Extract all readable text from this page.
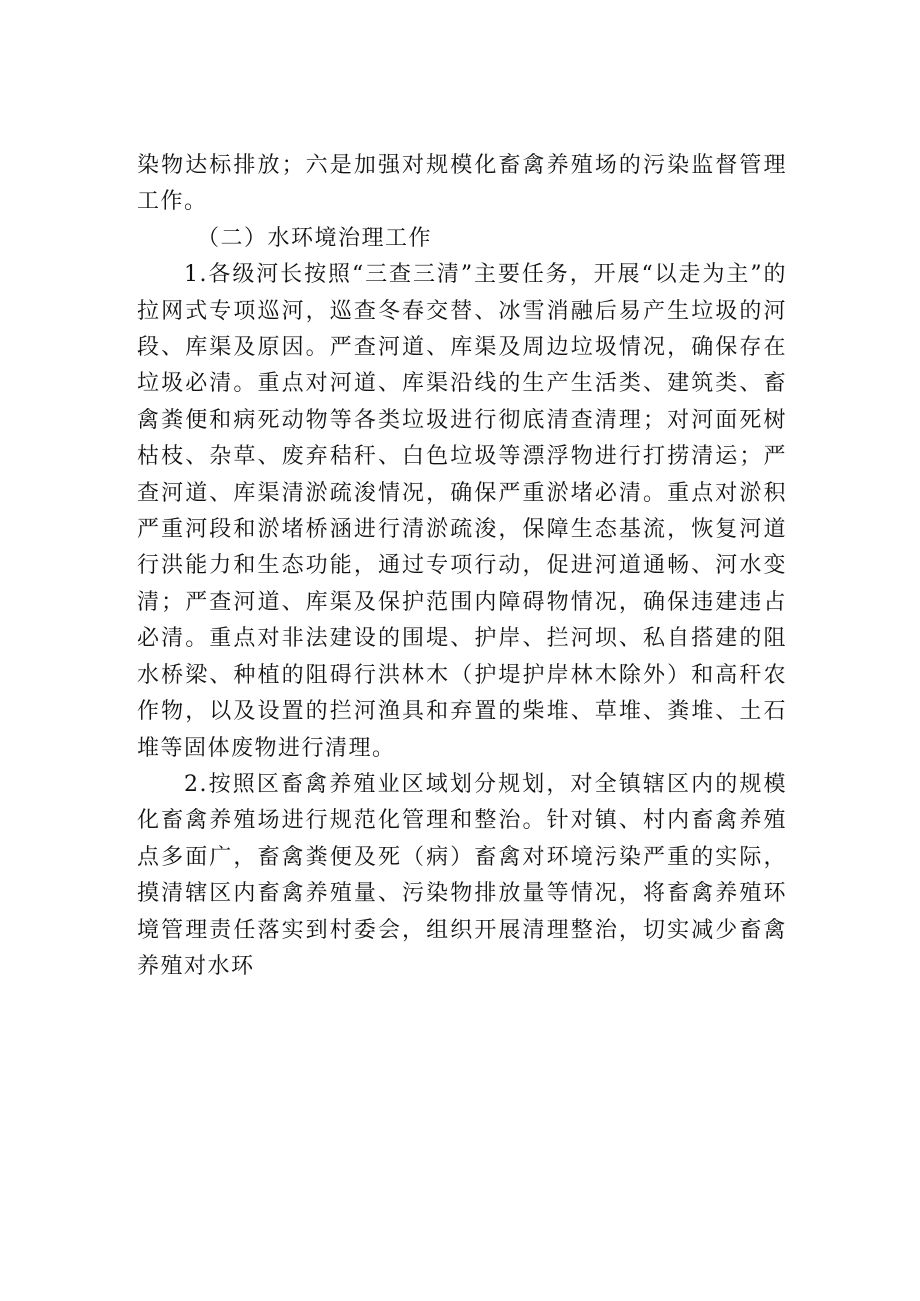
染物达标排放；六是加强对规模化畜禽养殖场的污染监督管理工作。

（二）水环境治理工作

1.各级河长按照“三查三清”主要任务，开展“以走为主”的拉网式专项巡河，巡查冬春交替、冰雪消融后易产生垃圾的河段、库渠及原因。严查河道、库渠及周边垃圾情况，确保存在垃圾必清。重点对河道、库渠沿线的生产生活类、建筑类、畜禽粪便和病死动物等各类垃圾进行彻底清查清理；对河面死树枯枝、杂草、废弃秸秆、白色垃圾等漂浮物进行打捞清运；严查河道、库渠清淤疏浚情况，确保严重淤堵必清。重点对淤积严重河段和淤堵桥涵进行清淤疏浚，保障生态基流，恢复河道行洪能力和生态功能，通过专项行动，促进河道通畅、河水变清；严查河道、库渠及保护范围内障碍物情况，确保违建违占必清。重点对非法建设的围堤、护岸、拦河坝、私自搭建的阻水桥梁、种植的阻碍行洪林木（护堤护岸林木除外）和高秆农作物，以及设置的拦河渔具和弃置的柴堆、草堆、粪堆、土石堆等固体废物进行清理。

2.按照区畜禽养殖业区域划分规划，对全镇辖区内的规模化畜禽养殖场进行规范化管理和整治。针对镇、村内畜禽养殖点多面广，畜禽粪便及死（病）畜禽对环境污染严重的实际，摸清辖区内畜禽养殖量、污染物排放量等情况，将畜禽养殖环境管理责任落实到村委会，组织开展清理整治，切实减少畜禽养殖对水环
